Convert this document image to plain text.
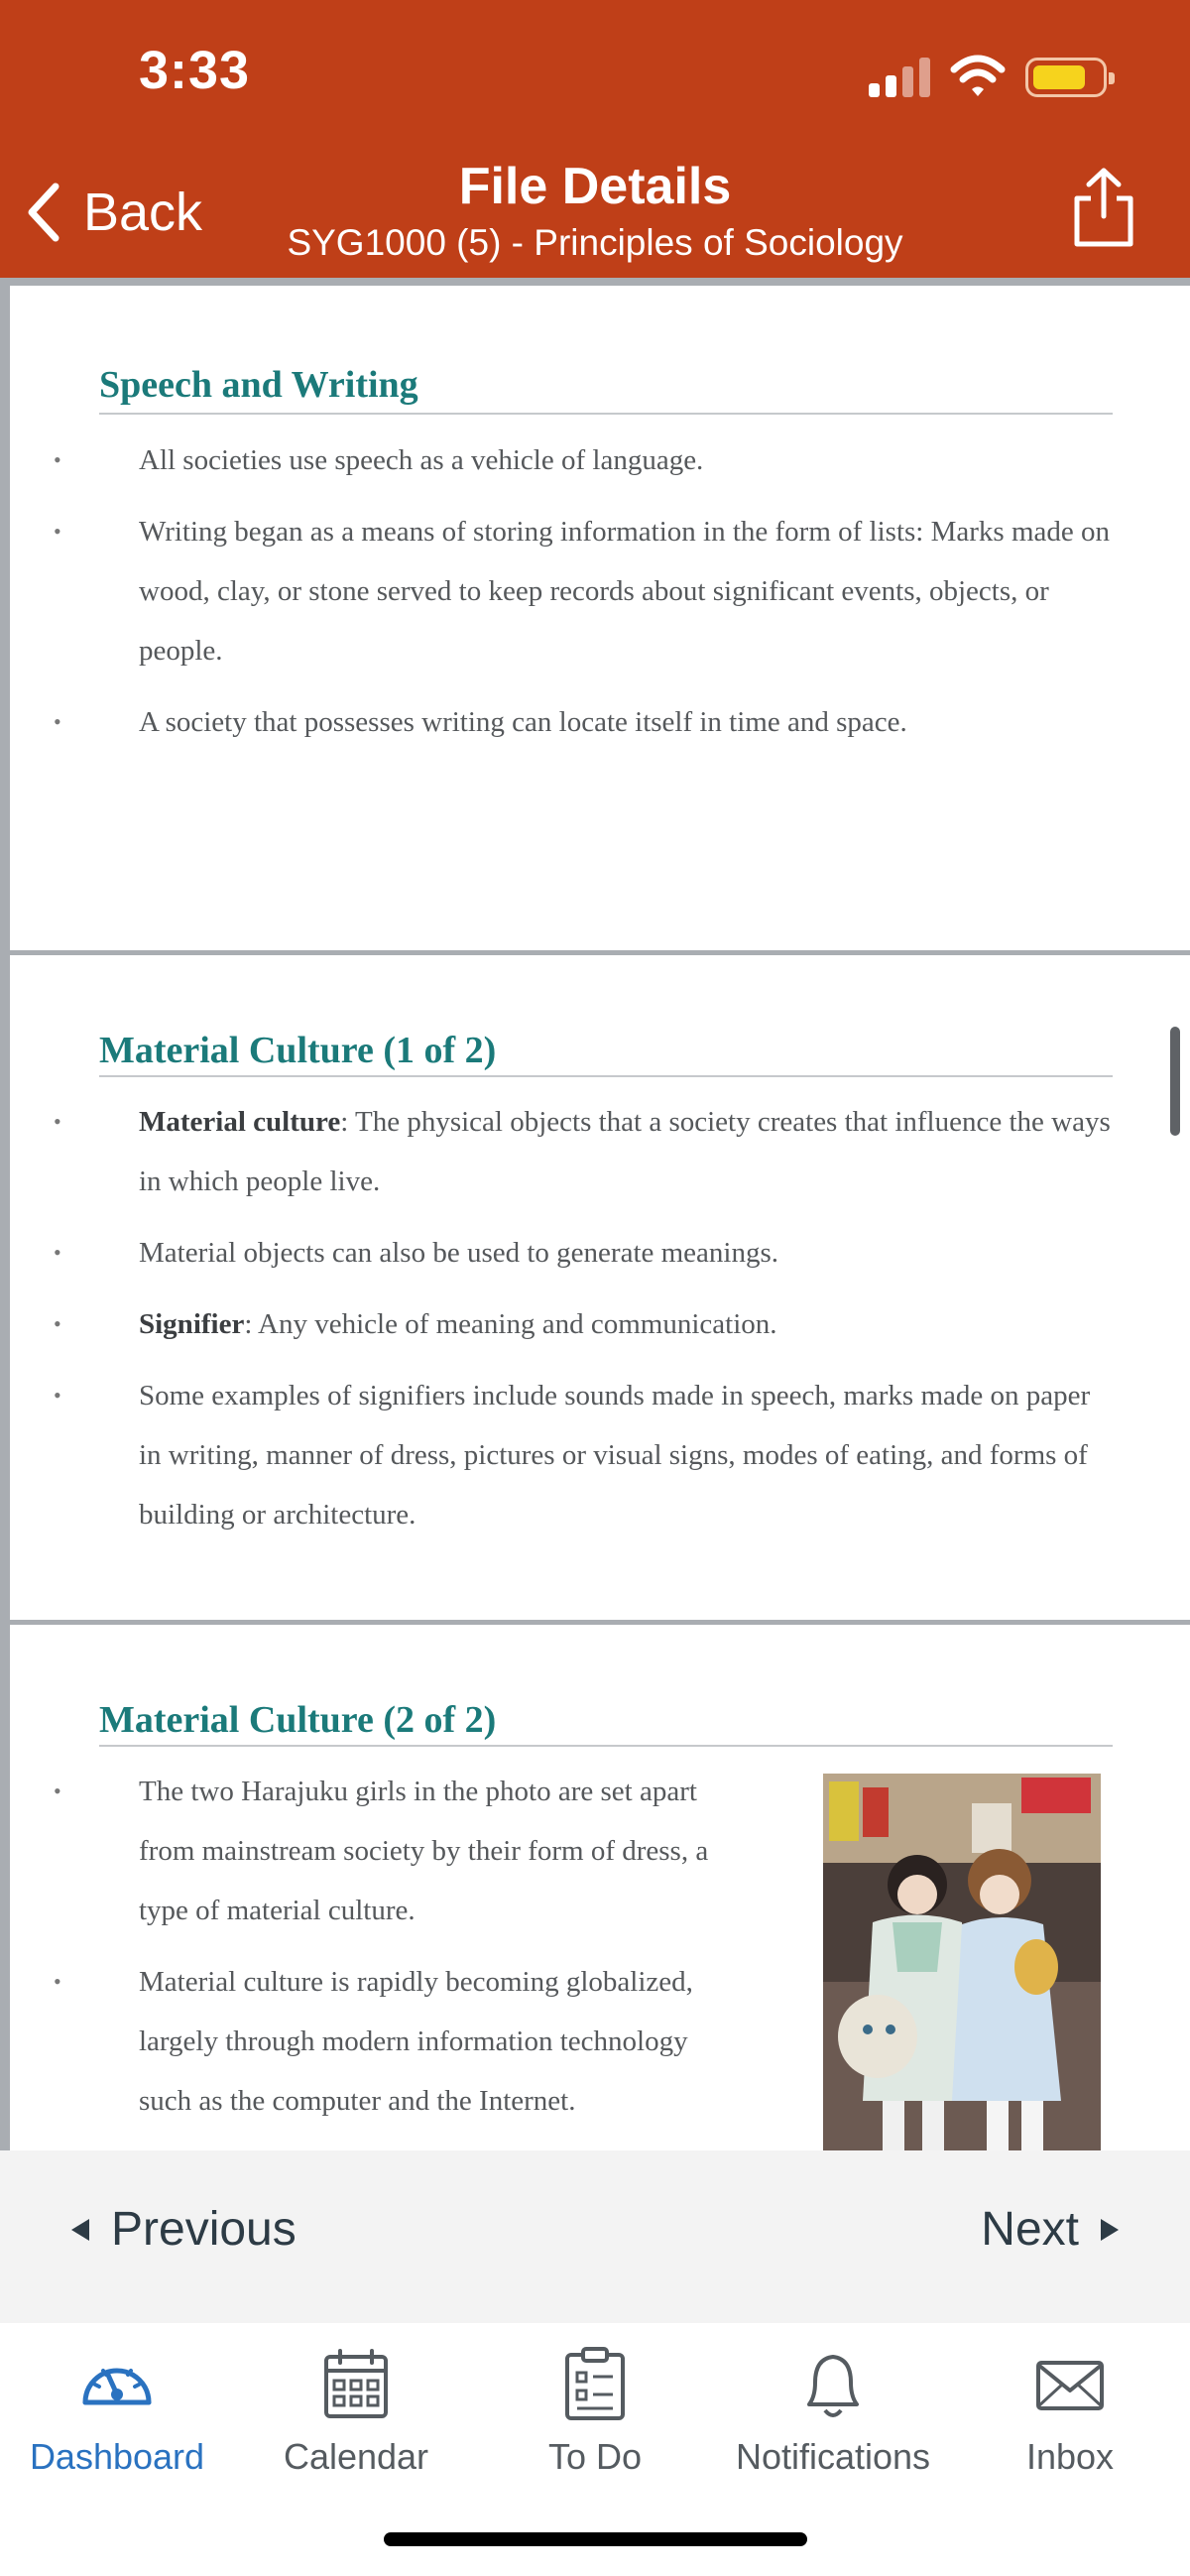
3:33
Back	File Details
SYG1000 (5) - Principles of Sociology
Speech and Writing
•	All societies use speech as a vehicle of language.
•	Writing began as a means of storing information in the form of lists: Marks made on wood, clay, or stone served to keep records about significant events, objects, or people.
•	A society that possesses writing can locate itself in time and space.
Material Culture (1 of 2)
•	Material culture: The physical objects that a society creates that influence the ways in which people live.
•	Material objects can also be used to generate meanings.
•	Signifier: Any vehicle of meaning and communication.
•	Some examples of signifiers include sounds made in speech, marks made on paper in writing, manner of dress, pictures or visual signs, modes of eating, and forms of building or architecture.
Material Culture (2 of 2)
•	The two Harajuku girls in the photo are set apart from mainstream society by their form of dress, a type of material culture.
•	Material culture is rapidly becoming globalized, largely through modern information technology such as the computer and the Internet.
Previous	Next
Dashboard	Calendar	To Do	Notifications	Inbox
